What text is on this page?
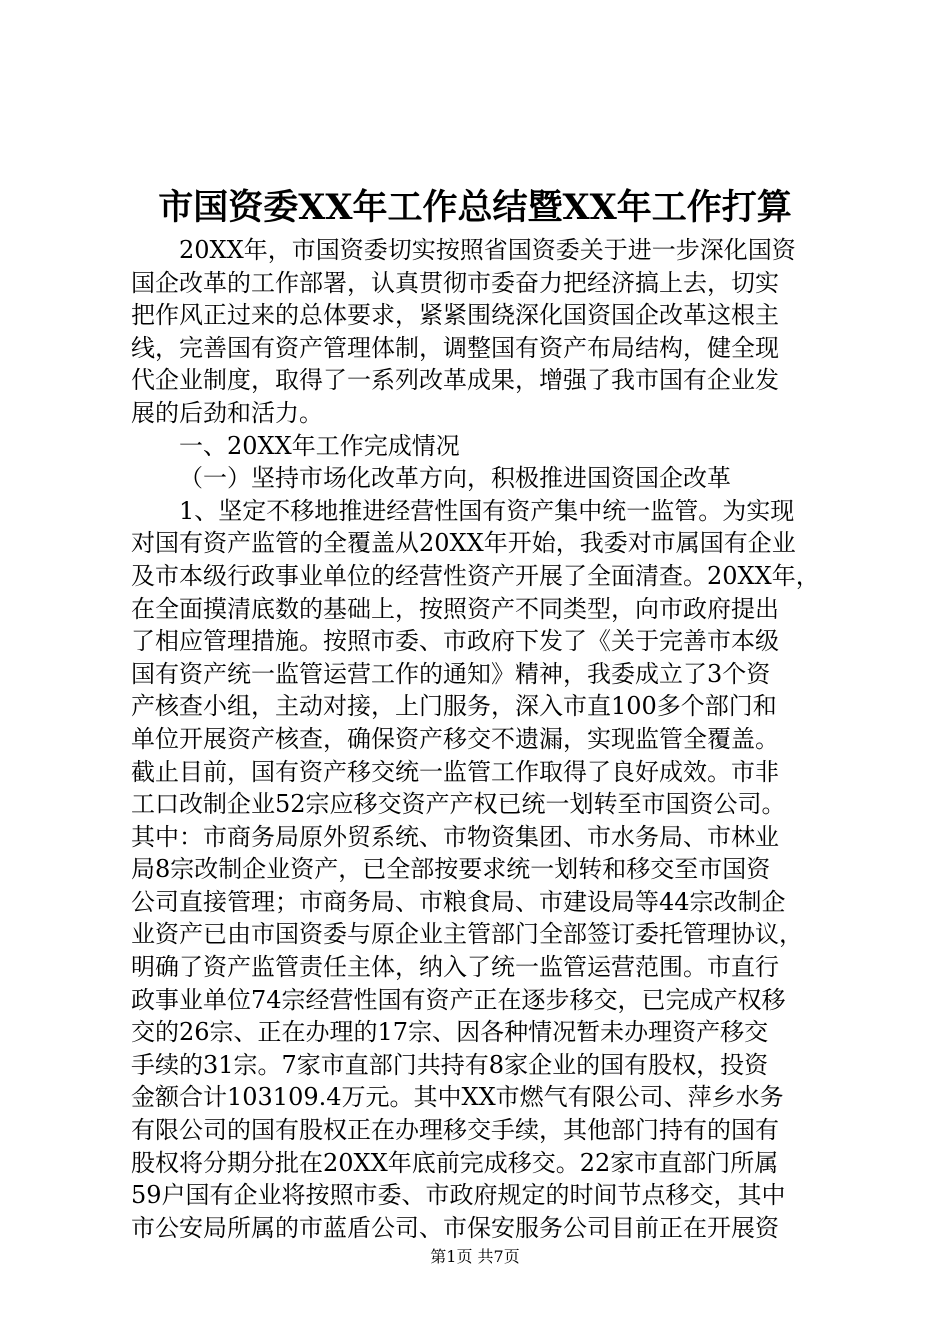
市国资委XX年工作总结暨XX年工作打算
20XX年，市国资委切实按照省国资委关于进一步深化国资
国企改革的工作部署，认真贯彻市委奋力把经济搞上去，切实
把作风正过来的总体要求，紧紧围绕深化国资国企改革这根主
线，完善国有资产管理体制，调整国有资产布局结构，健全现
代企业制度，取得了一系列改革成果，增强了我市国有企业发
展的后劲和活力。
一、20XX年工作完成情况
（一）坚持市场化改革方向，积极推进国资国企改革
1、坚定不移地推进经营性国有资产集中统一监管。为实现
对国有资产监管的全覆盖从20XX年开始，我委对市属国有企业
及市本级行政事业单位的经营性资产开展了全面清查。20XX年，
在全面摸清底数的基础上，按照资产不同类型，向市政府提出
了相应管理措施。按照市委、市政府下发了《关于完善市本级
国有资产统一监管运营工作的通知》精神，我委成立了3个资
产核查小组，主动对接，上门服务，深入市直100多个部门和
单位开展资产核查，确保资产移交不遗漏，实现监管全覆盖。
截止目前，国有资产移交统一监管工作取得了良好成效。市非
工口改制企业52宗应移交资产产权已统一划转至市国资公司。
其中：市商务局原外贸系统、市物资集团、市水务局、市林业
局8宗改制企业资产，已全部按要求统一划转和移交至市国资
公司直接管理；市商务局、市粮食局、市建设局等44宗改制企
业资产已由市国资委与原企业主管部门全部签订委托管理协议，
明确了资产监管责任主体，纳入了统一监管运营范围。市直行
政事业单位74宗经营性国有资产正在逐步移交，已完成产权移
交的26宗、正在办理的17宗、因各种情况暂未办理资产移交
手续的31宗。7家市直部门共持有8家企业的国有股权，投资
金额合计103109.4万元。其中XX市燃气有限公司、萍乡水务
有限公司的国有股权正在办理移交手续，其他部门持有的国有
股权将分期分批在20XX年底前完成移交。22家市直部门所属
59户国有企业将按照市委、市政府规定的时间节点移交，其中
市公安局所属的市蓝盾公司、市保安服务公司目前正在开展资
第1页 共7页
